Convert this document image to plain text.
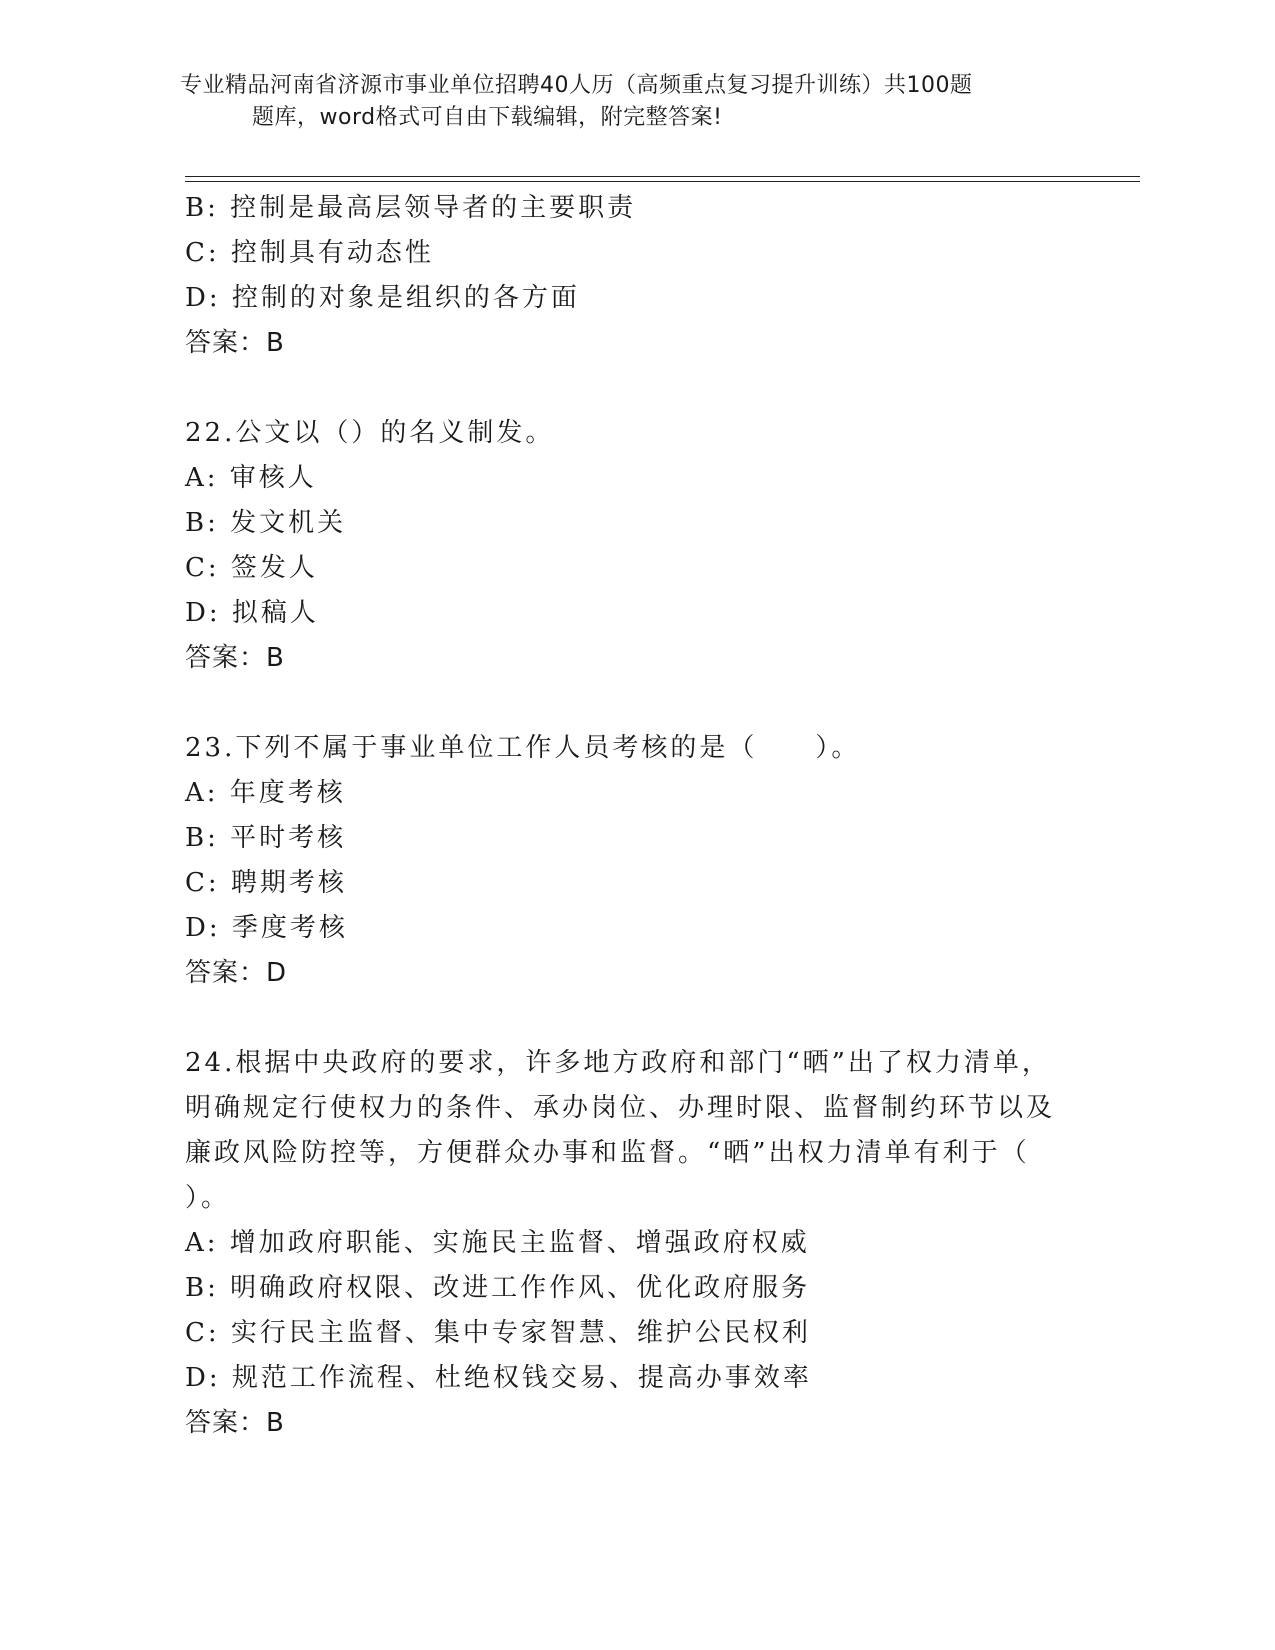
专业精品河南省济源市事业单位招聘40人历（高频重点复习提升训练）共100题
题库，word格式可自由下载编辑，附完整答案!

B: 控制是最高层领导者的主要职责

C: 控制具有动态性

D: 控制的对象是组织的各方面

答案：B

22.公文以（）的名义制发。

A: 审核人

B: 发文机关

C: 签发人

D: 拟稿人

答案：B

23.下列不属于事业单位工作人员考核的是（　　）。

A: 年度考核

B: 平时考核

C: 聘期考核

D: 季度考核

答案：D

24.根据中央政府的要求，许多地方政府和部门“晒”出了权力清单，明确规定行使权力的条件、承办岗位、办理时限、监督制约环节以及廉政风险防控等，方便群众办事和监督。“晒”出权力清单有利于（ ）。

A: 增加政府职能、实施民主监督、增强政府权威

B: 明确政府权限、改进工作作风、优化政府服务

C: 实行民主监督、集中专家智慧、维护公民权利

D: 规范工作流程、杜绝权钱交易、提高办事效率

答案：B
